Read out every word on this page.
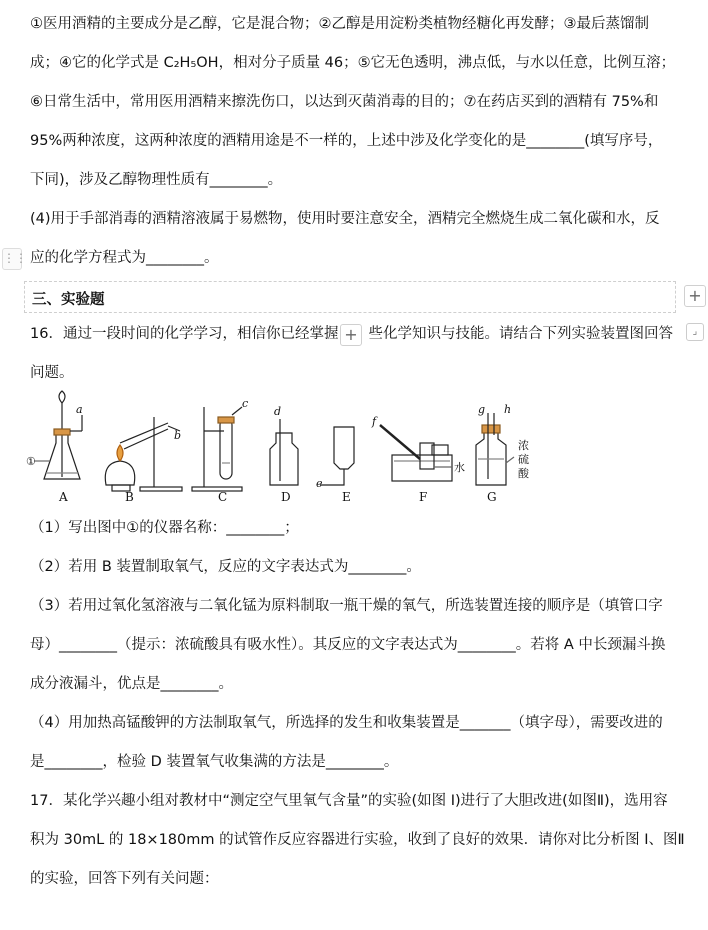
①医用酒精的主要成分是乙醇，它是混合物；②乙醇是用淀粉类植物经糖化再发酵；③最后蒸馏制
成；④它的化学式是 C₂H₅OH，相对分子质量 46；⑤它无色透明，沸点低，与水以任意，比例互溶；
⑥日常生活中，常用医用酒精来擦洗伤口，以达到灭菌消毒的目的；⑦在药店买到的酒精有 75%和
95%两种浓度，这两种浓度的酒精用途是不一样的，上述中涉及化学变化的是________(填写序号，
下同)，涉及乙醇物理性质有________。
(4)用于手部消毒的酒精溶液属于易燃物，使用时要注意安全，酒精完全燃烧生成二氧化碳和水，反
应的化学方程式为________。
⋮⋮
三、实验题	+
16．通过一段时间的化学学习，相信你已经掌握 些化学知识与技能。请结合下列实验装置图回答
+	⌟
问题。
A	B	C	D	E	F	G
a
b
c
d
e
f
g h
①	水
浓
硫
酸
（1）写出图中①的仪器名称：________；
（2）若用 B 装置制取氧气，反应的文字表达式为________。
（3）若用过氧化氢溶液与二氧化锰为原料制取一瓶干燥的氧气，所选装置连接的顺序是（填管口字
母）________（提示：浓硫酸具有吸水性）。其反应的文字表达式为________。若将 A 中长颈漏斗换
成分液漏斗，优点是________。
（4）用加热高锰酸钾的方法制取氧气，所选择的发生和收集装置是_______（填字母），需要改进的
是________，检验 D 装置氧气收集满的方法是________。
17．某化学兴趣小组对教材中“测定空气里氧气含量”的实验(如图 I)进行了大胆改进(如图Ⅱ)，选用容
积为 30mL 的 18×180mm 的试管作反应容器进行实验，收到了良好的效果．请你对比分析图 I、图Ⅱ
的实验，回答下列有关问题：
